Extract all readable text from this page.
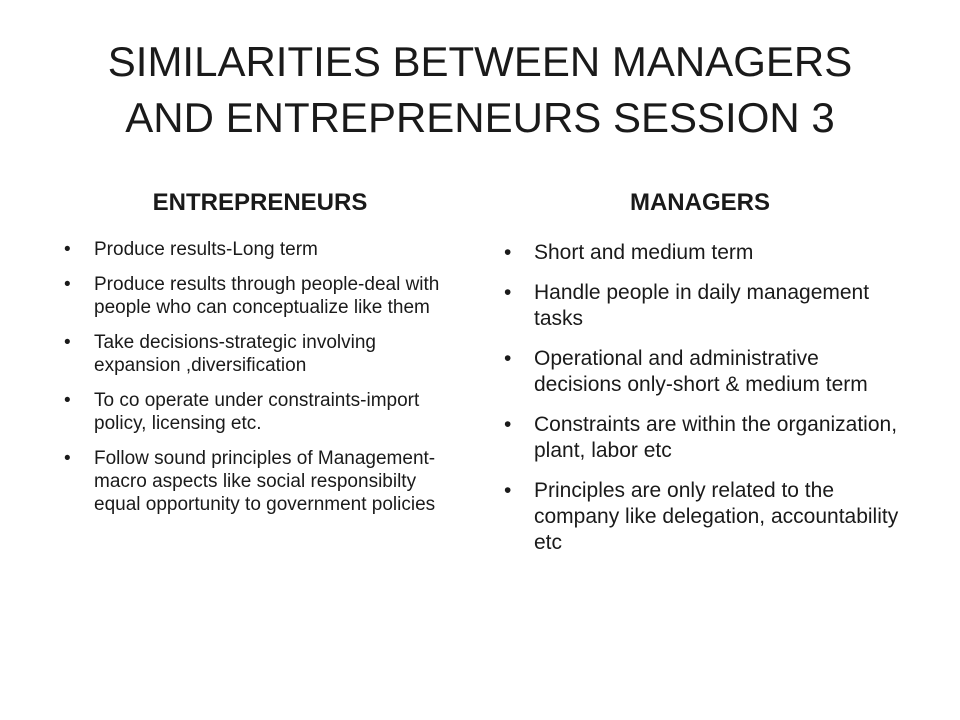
SIMILARITIES BETWEEN MANAGERS AND ENTREPRENEURS SESSION 3
ENTREPRENEURS
• Produce results-Long term
• Produce results through people-deal with people who can conceptualize like them
• Take decisions-strategic involving expansion ,diversification
• To co operate under constraints-import policy, licensing etc.
• Follow sound principles of Management-macro aspects like social responsibilty equal opportunity to government policies
MANAGERS
• Short and medium term
• Handle people in daily management tasks
• Operational and administrative decisions only-short & medium term
• Constraints are within the organization, plant, labor etc
• Principles are only related to the company like delegation, accountability etc
